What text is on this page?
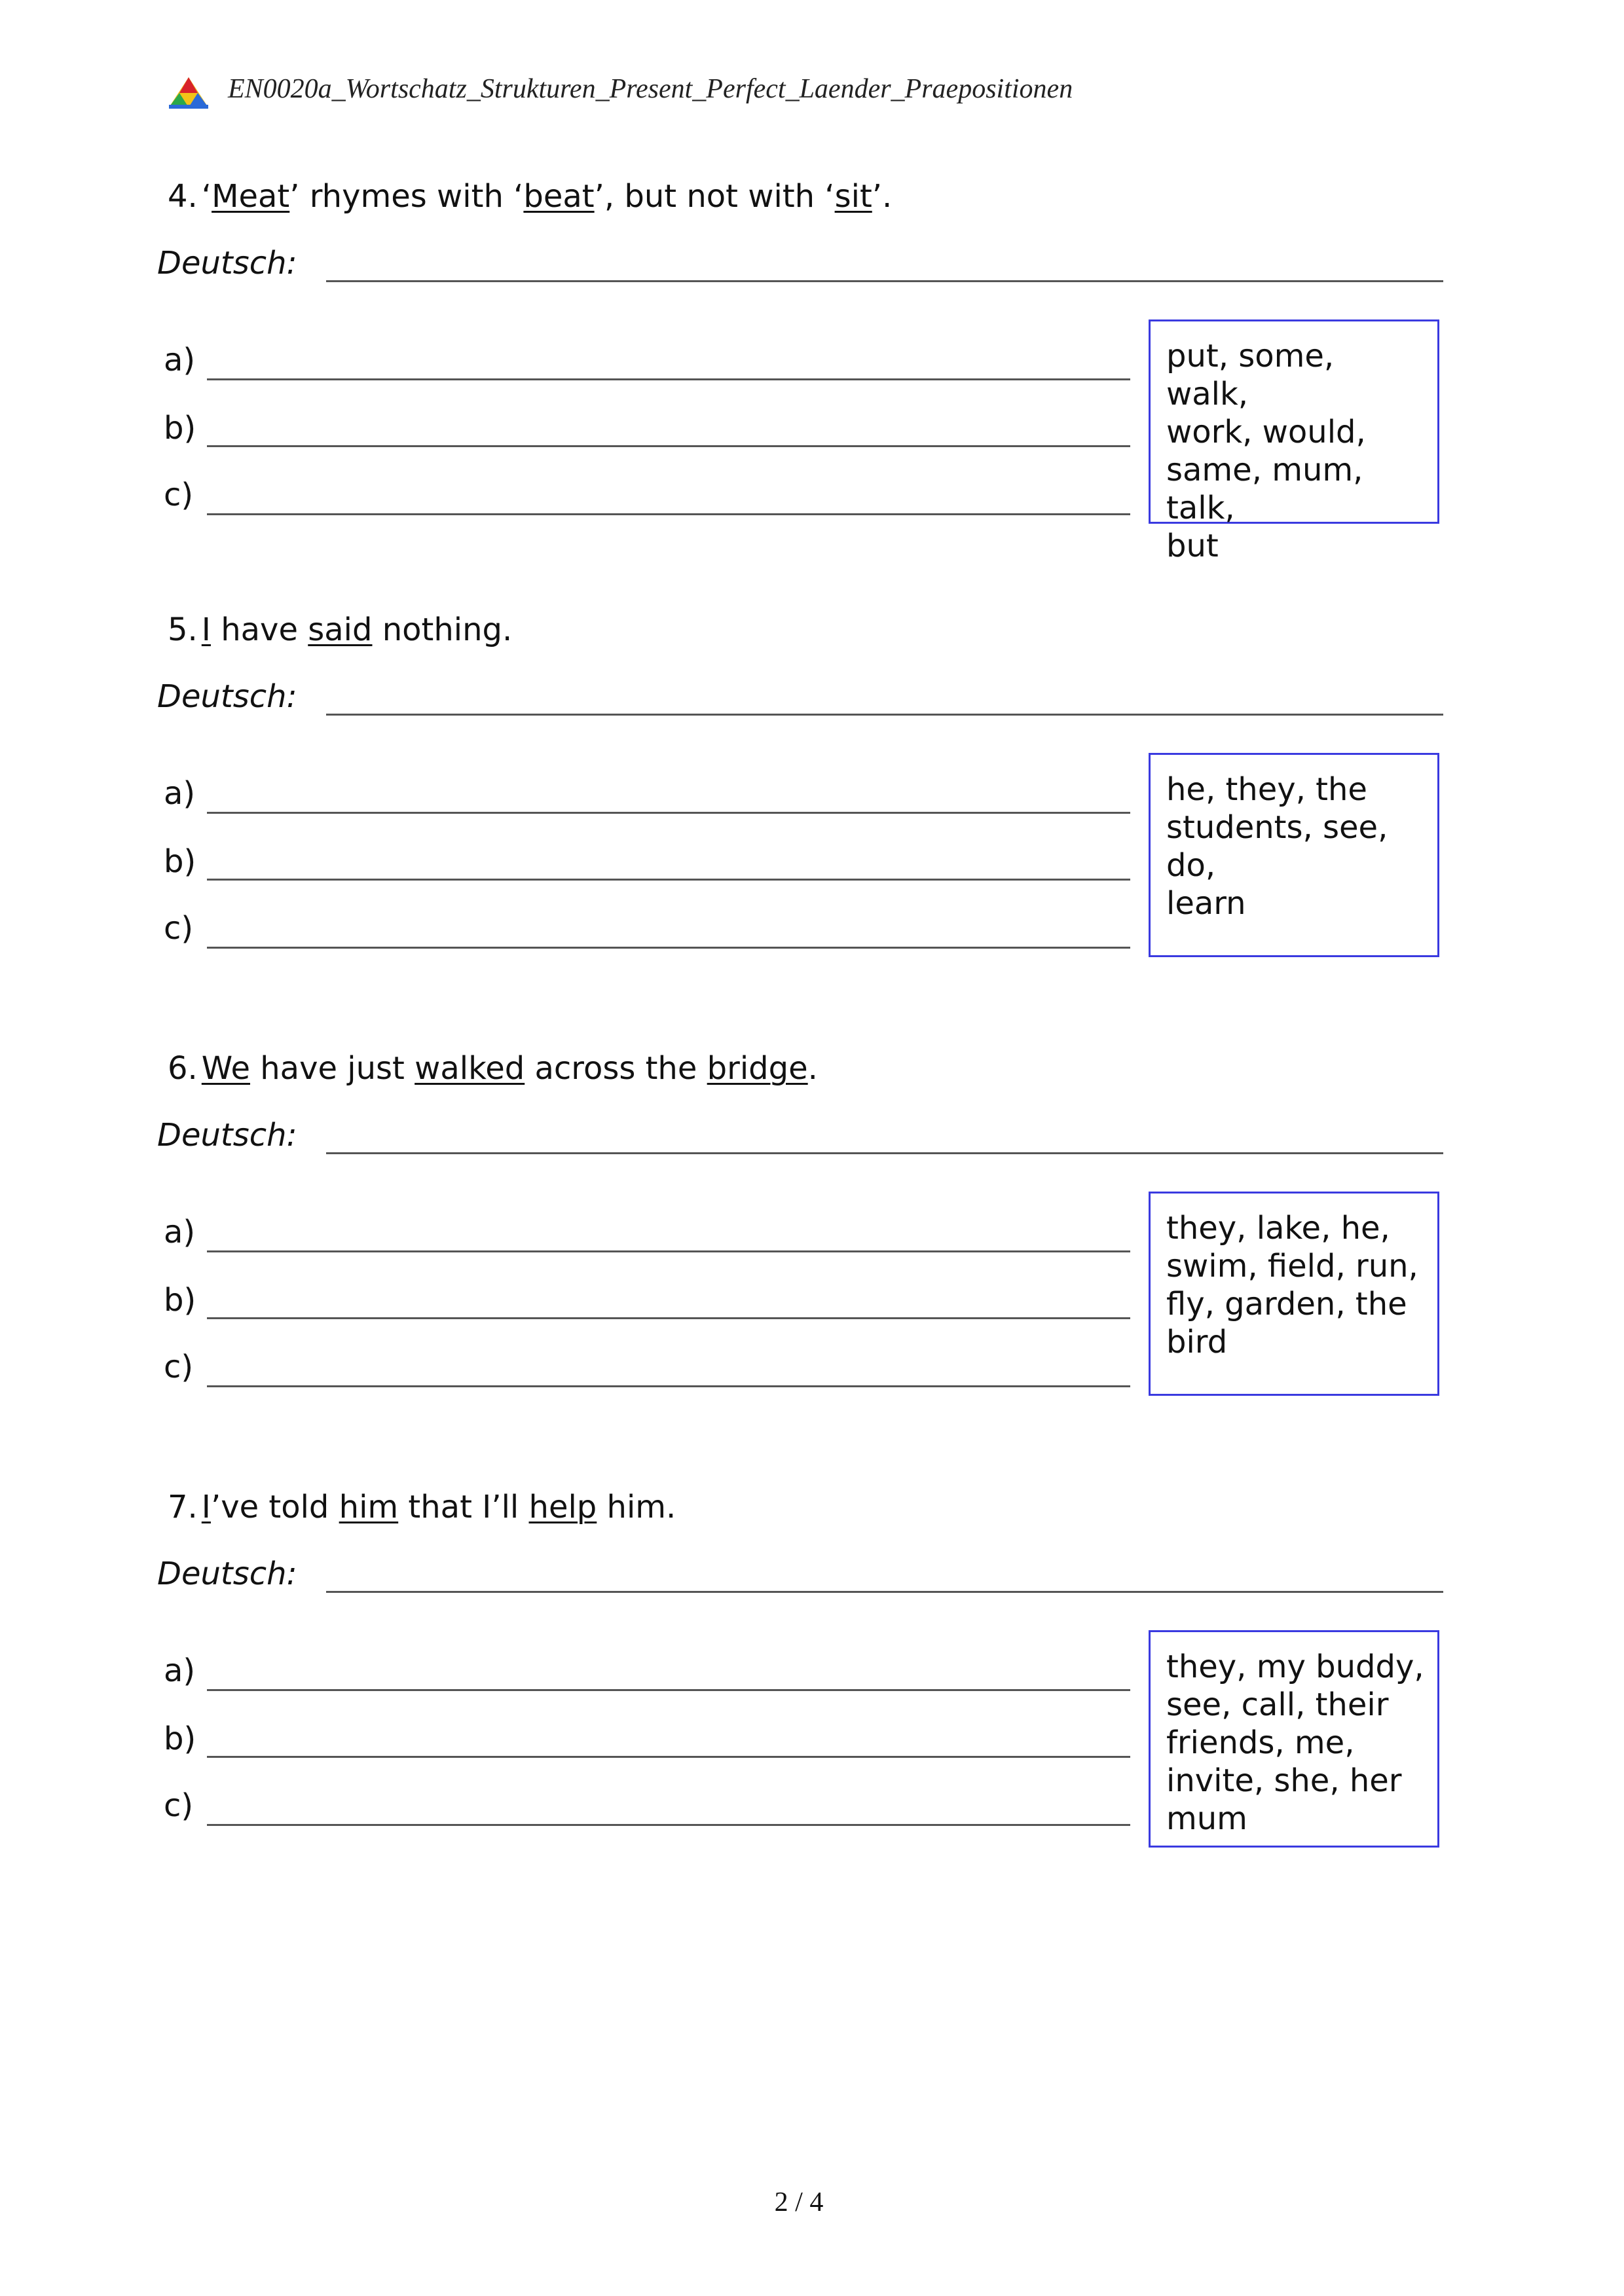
EN0020a_Wortschatz_Strukturen_Present_Perfect_Laender_Praepositionen
4. ‘Meat’ rhymes with ‘beat’, but not with ‘sit’.
Deutsch:
a)
b)
c)
put, some, walk,
work, would,
same, mum, talk,
but
5. I have said nothing.
Deutsch:
a)
b)
c)
he, they, the
students, see, do,
learn
6. We have just walked across the bridge.
Deutsch:
a)
b)
c)
they, lake, he,
swim, field, run,
fly, garden, the
bird
7. I’ve told him that I’ll help him.
Deutsch:
a)
b)
c)
they, my buddy,
see, call, their
friends, me,
invite, she, her
mum
2 / 4
